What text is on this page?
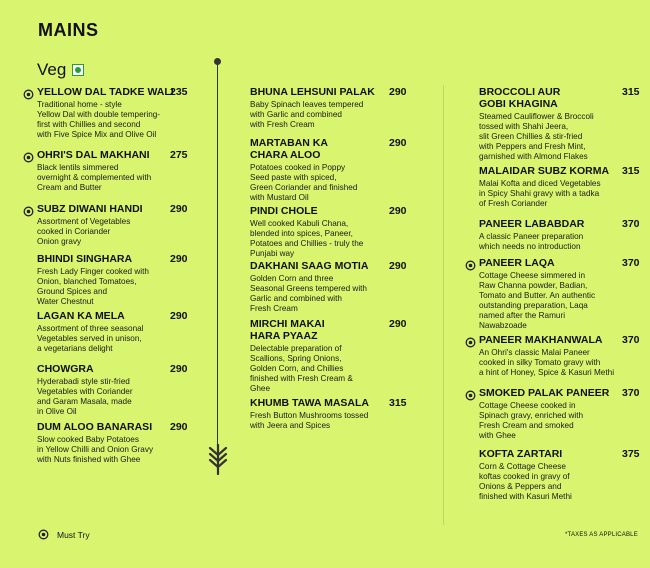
MAINS
Veg
YELLOW DAL TADKE WALI
235
Traditional home - style
Yellow Dal with double tempering-
first with Chillies and second
with Five Spice Mix and Olive Oil
OHRI'S DAL MAKHANI 275
Black lentils simmered
overnight & complemented with
Cream and Butter
SUBZ DIWANI HANDI	290
Assortment of Vegetables
cooked in Coriander
Onion gravy
BHINDI SINGHARA	290
Fresh Lady Finger cooked with
Onion, blanched Tomatoes,
Ground Spices and
Water Chestnut
LAGAN KA MELA	290
Assortment of three seasonal
Vegetables served in unison,
a vegetarians delight
CHOWGRA	290
Hyderabadi style stir-fried
Vegetables with Coriander
and Garam Masala, made
in Olive Oil
DUM ALOO BANARASI 290
Slow cooked Baby Potatoes
in Yellow Chilli and Onion Gravy
with Nuts finished with Ghee
BHUNA LEHSUNI PALAK 290
Baby Spinach leaves tempered
with Garlic and combined
with Fresh Cream
MARTABAN KA
CHARA ALOO
290
Potatoes cooked in Poppy
Seed paste with spiced,
Green Coriander and finished
with Mustard Oil
PINDI CHOLE	290
Well cooked Kabuli Chana,
blended into spices, Paneer,
Potatoes and Chillies - truly the
Punjabi way
DAKHANI SAAG MOTIA 290
Golden Corn and three
Seasonal Greens tempered with
Garlic and combined with
Fresh Cream
MIRCHI MAKAI
HARA PYAAZ
290
Delectable preparation of
Scallions, Spring Onions,
Golden Corn, and Chillies
finished with Fresh Cream &
Ghee
KHUMB TAWA MASALA 315
Fresh Button Mushrooms tossed
with Jeera and Spices
BROCCOLI AUR
GOBI KHAGINA
315
Steamed Cauliflower & Broccoli
tossed with Shahi Jeera,
slit Green Chillies & stir-fried
with Peppers and Fresh Mint,
garnished with Almond Flakes
MALAIDAR SUBZ KORMA 315
Malai Kofta and diced Vegetables
in Spicy Shahi gravy with a tadka
of Fresh Coriander
PANEER LABABDAR	370
A classic Paneer preparation
which needs no introduction
PANEER LAQA	370
Cottage Cheese simmered in
Raw Channa powder, Badian,
Tomato and Butter. An authentic
outstanding preparation, Laqa
named after the Ramuri
Nawabzoade
PANEER MAKHANWALA	370
An Ohri's classic Malai Paneer
cooked in silky Tomato gravy with
a hint of Honey, Spice & Kasuri Methi
SMOKED PALAK PANEER 370
Cottage Cheese cooked in
Spinach gravy, enriched with
Fresh Cream and smoked
with Ghee
KOFTA ZARTARI	375
Corn & Cottage Cheese
koftas cooked in gravy of
Onions & Peppers and
finished with Kasuri Methi
Must Try	*TAXES AS APPLICABLE
